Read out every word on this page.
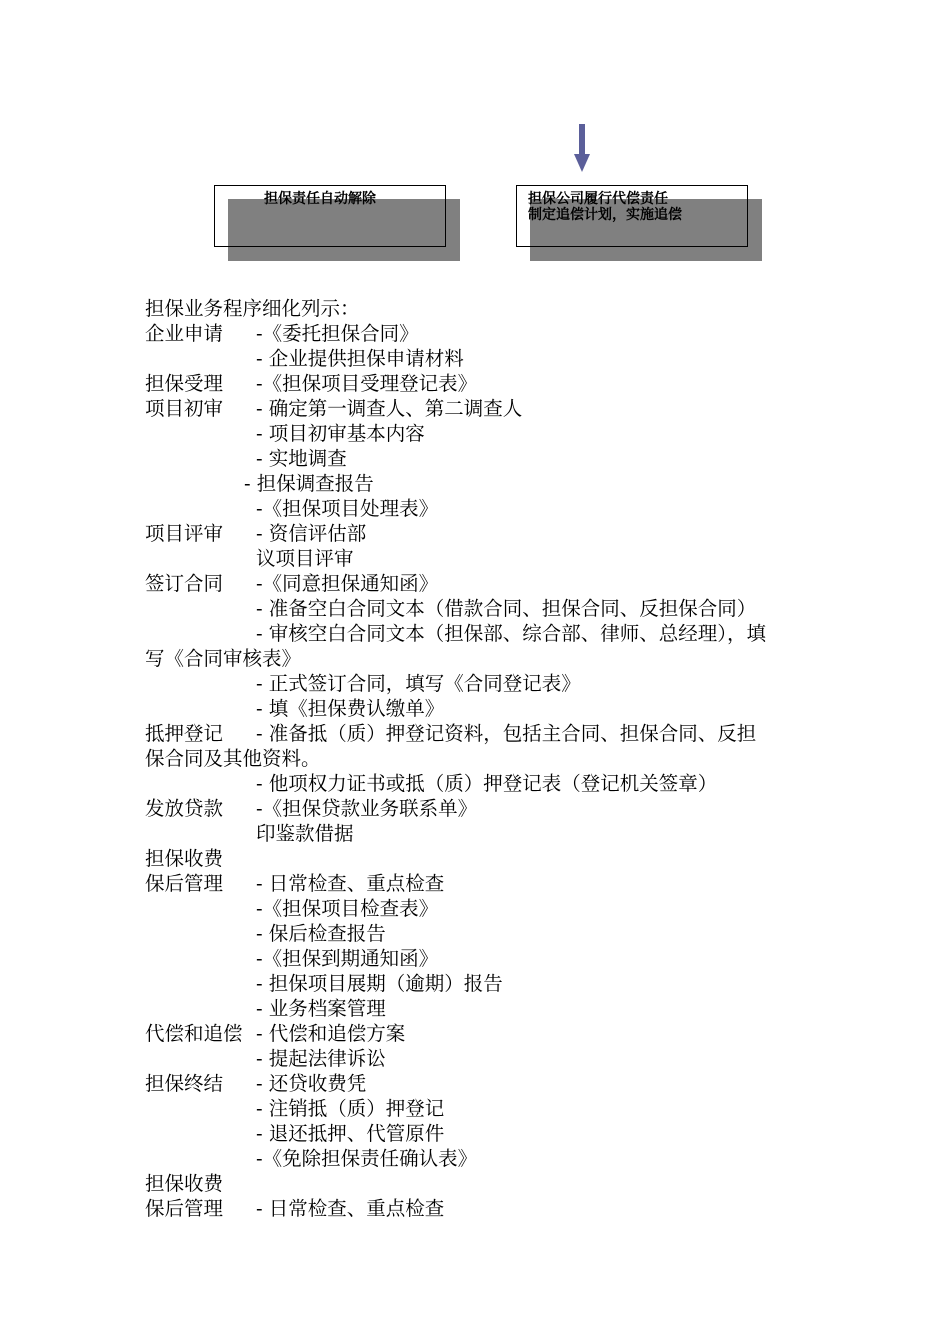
担保责任自动解除	担保公司履行代偿责任
制定追偿计划，实施追偿
担保业务程序细化列示：
企业申请 -《委托担保合同》
- 企业提供担保申请材料
担保受理 -《担保项目受理登记表》
项目初审 - 确定第一调查人、第二调查人
- 项目初审基本内容
- 实地调查
- 担保调查报告
-《担保项目处理表》
项目评审 - 资信评估部
议项目评审
签订合同 -《同意担保通知函》
- 准备空白合同文本（借款合同、担保合同、反担保合同）
- 审核空白合同文本（担保部、综合部、律师、总经理），填
写《合同审核表》
- 正式签订合同，填写《合同登记表》
- 填《担保费认缴单》
抵押登记 - 准备抵（质）押登记资料，包括主合同、担保合同、反担
保合同及其他资料。
- 他项权力证书或抵（质）押登记表（登记机关签章）
发放贷款 -《担保贷款业务联系单》
印鉴款借据
担保收费
保后管理 - 日常检查、重点检查
-《担保项目检查表》
- 保后检查报告
-《担保到期通知函》
- 担保项目展期（逾期）报告
- 业务档案管理
代偿和追偿 - 代偿和追偿方案
- 提起法律诉讼
担保终结 - 还贷收费凭
- 注销抵（质）押登记
- 退还抵押、代管原件
-《免除担保责任确认表》
担保收费
保后管理 - 日常检查、重点检查
